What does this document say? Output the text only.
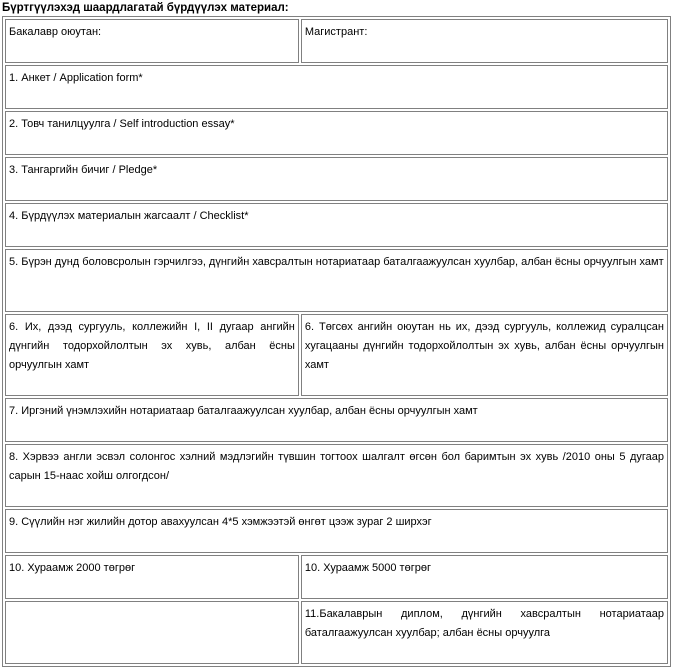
Бүртгүүлэхэд шаардлагатай бүрдүүлэх материал:
Бакалавр оюутан:	Магистрант:
1. Анкет / Application form*	
2. Товч танилцуулга / Self introduction essay*	
3. Тангаргийн бичиг / Pledge*	
4. Бүрдүүлэх материалын жагсаалт / Checklist*	
5. Бүрэн дунд боловсролын гэрчилгээ, дүнгийн хавсралтын нотариатаар баталгаажуулсан хуулбар, албан ёсны орчуулгын хамт	
6. Их, дээд сургууль, коллежийн I, II дугаар ангийн дүнгийн тодорхойлолтын эх хувь, албан ёсны орчуулгын хамт	6. Төгсөх ангийн оюутан нь их, дээд сургууль, коллежид суралцсан хугацааны дүнгийн тодорхойлолтын эх хувь, албан ёсны орчуулгын хамт
7. Иргэний үнэмлэхийн нотариатаар баталгаажуулсан хуулбар, албан ёсны орчуулгын хамт	
8. Хэрвээ англи эсвэл солонгос хэлний мэдлэгийн түвшин тогтоох шалгалт өгсөн бол баримтын эх хувь /2010 оны 5 дугаар сарын 15-наас хойш олгогдсон/	
9. Сүүлийн нэг жилийн дотор авахуулсан 4*5 хэмжээтэй өнгөт цээж зураг 2 ширхэг	
10. Хураамж 2000 төгрөг	10. Хураамж 5000 төгрөг
	11.Бакалаврын диплом, дүнгийн хавсралтын нотариатаар баталгаажуулсан хуулбар; албан ёсны орчуулга
